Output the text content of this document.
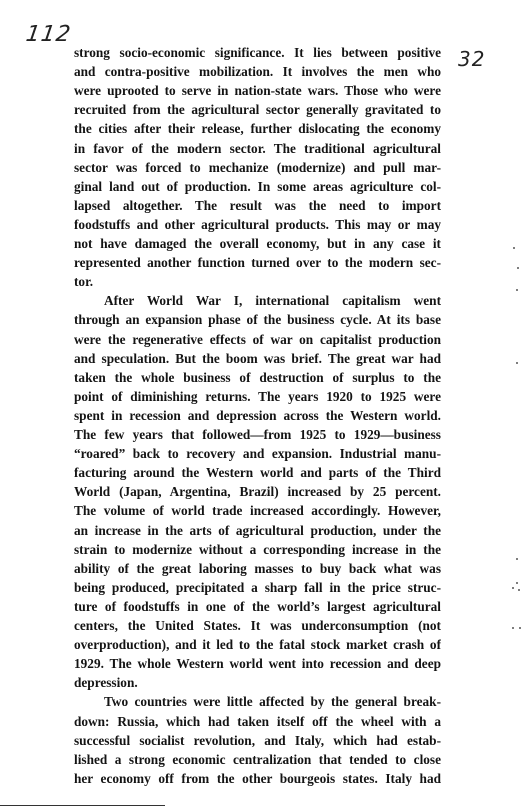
112
32
strong socio-economic significance. It lies between positive
and contra-positive mobilization. It involves the men who
were uprooted to serve in nation-state wars. Those who were
recruited from the agricultural sector generally gravitated to
the cities after their release, further dislocating the economy
in favor of the modern sector. The traditional agricultural
sector was forced to mechanize (modernize) and pull mar-
ginal land out of production. In some areas agriculture col-
lapsed altogether. The result was the need to import
foodstuffs and other agricultural products. This may or may
not have damaged the overall economy, but in any case it
represented another function turned over to the modern sec-
tor.
After World War I, international capitalism went
through an expansion phase of the business cycle. At its base
were the regenerative effects of war on capitalist production
and speculation. But the boom was brief. The great war had
taken the whole business of destruction of surplus to the
point of diminishing returns. The years 1920 to 1925 were
spent in recession and depression across the Western world.
The few years that followed—from 1925 to 1929—business
“roared” back to recovery and expansion. Industrial manu-
facturing around the Western world and parts of the Third
World (Japan, Argentina, Brazil) increased by 25 percent.
The volume of world trade increased accordingly. However,
an increase in the arts of agricultural production, under the
strain to modernize without a corresponding increase in the
ability of the great laboring masses to buy back what was
being produced, precipitated a sharp fall in the price struc-
ture of foodstuffs in one of the world’s largest agricultural
centers, the United States. It was underconsumption (not
overproduction), and it led to the fatal stock market crash of
1929. The whole Western world went into recession and deep
depression.
Two countries were little affected by the general break-
down: Russia, which had taken itself off the wheel with a
successful socialist revolution, and Italy, which had estab-
lished a strong economic centralization that tended to close
her economy off from the other bourgeois states. Italy had
